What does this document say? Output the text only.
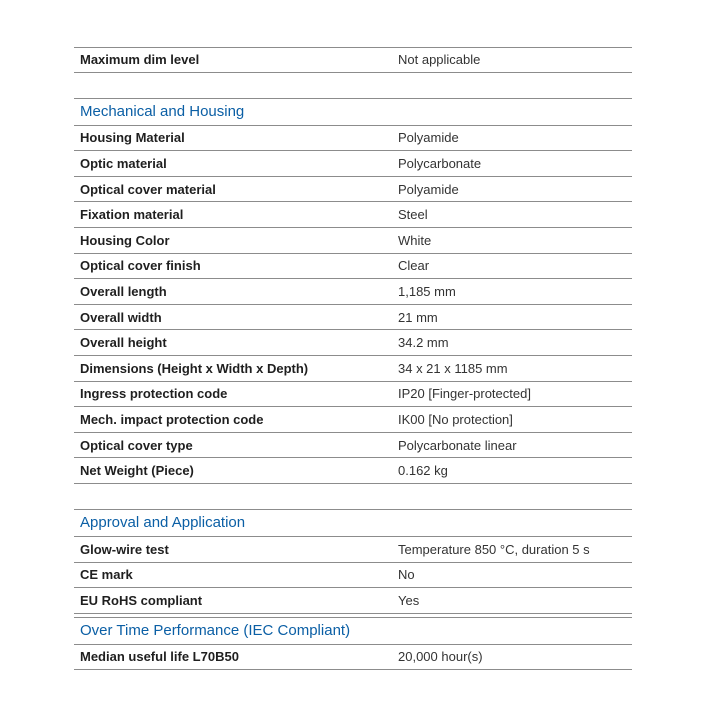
Maximum dim level	Not applicable
Mechanical and Housing
Housing Material	Polyamide
Optic material	Polycarbonate
Optical cover material	Polyamide
Fixation material	Steel
Housing Color	White
Optical cover finish	Clear
Overall length	1,185 mm
Overall width	21 mm
Overall height	34.2 mm
Dimensions (Height x Width x Depth)	34 x 21 x 1185 mm
Ingress protection code	IP20 [Finger-protected]
Mech. impact protection code	IK00 [No protection]
Optical cover type	Polycarbonate linear
Net Weight (Piece)	0.162 kg
Approval and Application
Glow-wire test	Temperature 850 °C, duration 5 s
CE mark	No
EU RoHS compliant	Yes
Over Time Performance (IEC Compliant)
Median useful life L70B50	20,000 hour(s)
